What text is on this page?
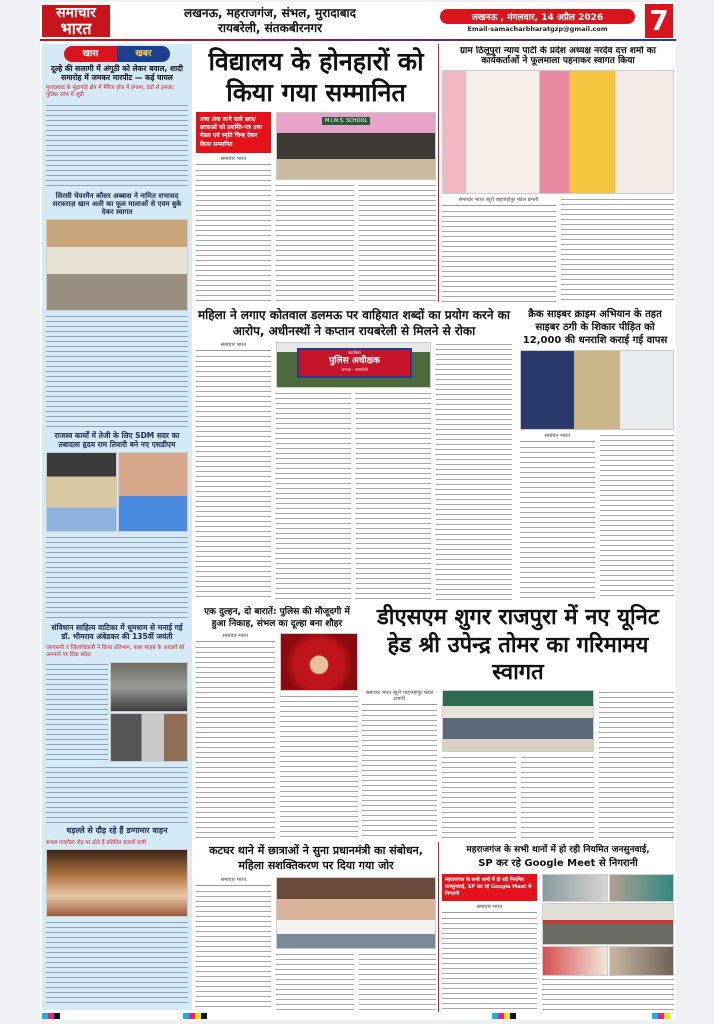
समाचार
भारत
लखनऊ, महराजगंज, संभल, मुरादाबाद
रायबरेली, संतकबीरनगर
लखनऊ , मंगलवार, 14 अप्रैल 2026
Email-samacharbharatgzp@gmail.com	7
खास	खबर
दूल्हे की सलामी में अंगूठी को लेकर बवाल, शादी समारोह में जमकर मारपीट — कई घायल
मुरादाबाद के मुंढापांडे क्षेत्र में मैरिज हॉल में हंगामा, डंडों से हमला; पुलिस जांच में जुटी
सिरसी चेयरमैन कौसर अब्बास ने नामित सभासद सरफ़राज़ खान अली का फूल मालाओं से एवम बुके देकर स्वागत
राजस्व कार्यों में तेजी के लिए SDM सदर का तबादला हृदय राम तिवारी बने नए एसडीएम
संविधान साहित्य वाटिका में धूमधाम से मनाई गई डॉ. भीमराव अंबेडकर की 135वीं जयंती
एसएसपी व जिलाधिकारी ने किया प्रतिभाग, बाबा साहब के आदर्शों को अपनाने पर दिया संदेश
धड़ल्ले से दौड़ रहे हैं डग्गामार वाहन
संभल गजरौला रोड पर ढोते हैं प्रतिदिन हजारों यात्री
विद्यालय के होनहारों को किया गया सम्मानित
उच्च अंक लाने वाले छात्र/छात्राओं को प्रशस्ति-पत्र तथा मेडल एवं स्मृति चिन्ह देकर किया सम्मानित
समाचार भारत
M.I.M.S. SCHOOL
ग्राम ठिलूपुरा न्याय पार्टी के प्रदेश अध्यक्ष नरदेव दत्त शर्मा का कार्यकर्ताओं ने फूलमाला पहनाकर स्वागत किया
समाचार भारत ब्यूरो शाहजहांपुर मंडल प्रभारी
महिला ने लगाए कोतवाल डलमऊ पर वाहियात शब्दों का प्रयोग करने का आरोप, अधीनस्थों ने कप्तान रायबरेली से मिलने से रोका
समाचार भारत
कार्यालय
पुलिस अधीक्षक
जनपद - रायबरेली
क्रैक साइबर क्राइम अभियान के तहत साइबर ठगी के शिकार पीड़ित को 12,000 की धनराशि कराई गई वापस
समाचार भारत
एक दुल्हन, दो बारातें: पुलिस की मौजूदगी में हुआ निकाह, संभल का दूल्हा बना शौहर
समाचार भारत
डीएसएम शुगर राजपुरा में नए यूनिट हेड श्री उपेन्द्र तोमर का गरिमामय स्वागत
समाचार भारत ब्यूरो शाहजहांपुर मंडल प्रभारी
कटघर थाने में छात्राओं ने सुना प्रधानमंत्री का संबोधन, महिला सशक्तिकरण पर दिया गया जोर
समाचार भारत
महराजगंज के सभी थानों में हो रही नियमित जनसुनवाई,
SP कर रहे Google Meet से निगरानी
महराजगंज के सभी थानों में हो रही नियमित जनसुनवाई, SP कर रहे Google Meet से निगरानी
समाचार भारत
